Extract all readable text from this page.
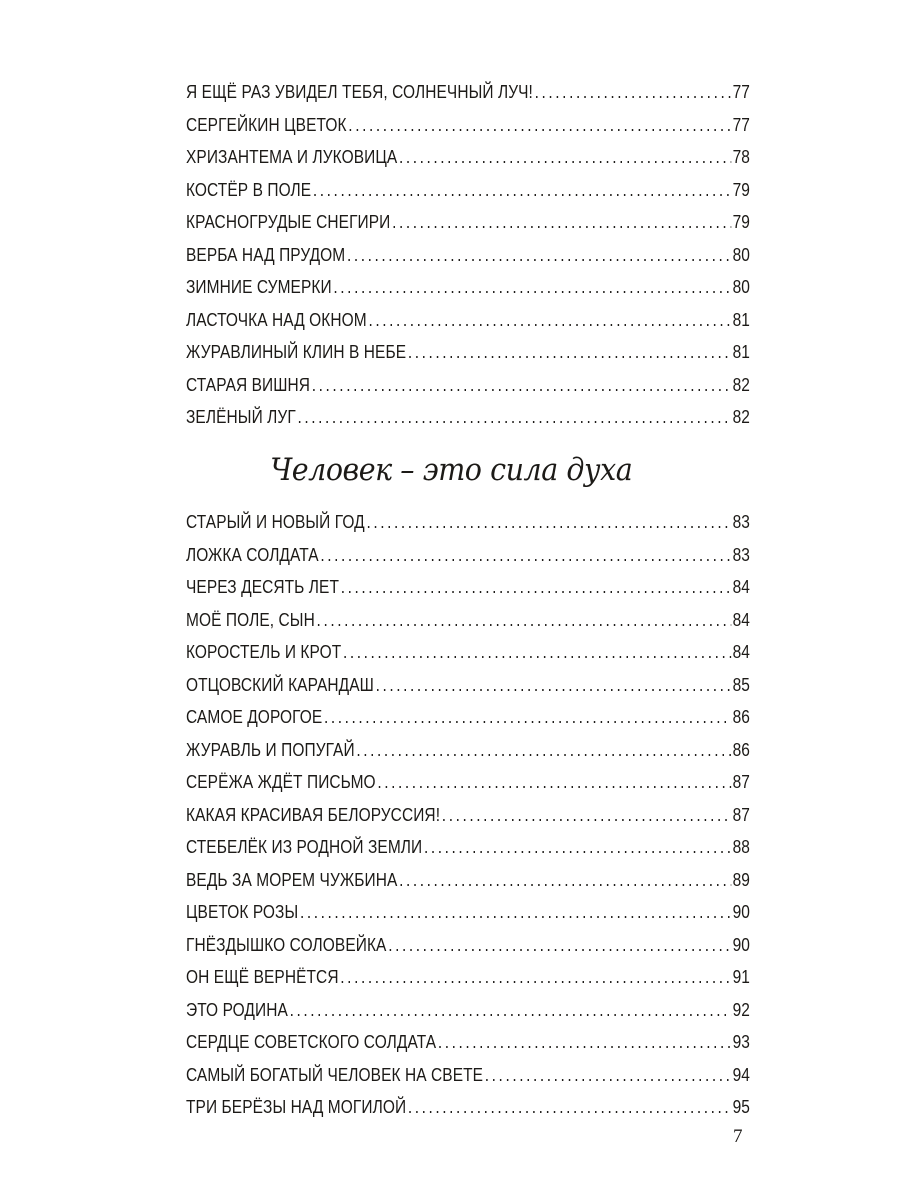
Я ЕЩЁ РАЗ УВИДЕЛ ТЕБЯ, СОЛНЕЧНЫЙ ЛУЧ! .....	77
СЕРГЕЙКИН ЦВЕТОК .....	77
ХРИЗАНТЕМА И ЛУКОВИЦА .....	78
КОСТЁР В ПОЛЕ .....	79
КРАСНОГРУДЫЕ СНЕГИРИ .....	79
ВЕРБА НАД ПРУДОМ .....	80
ЗИМНИЕ СУМЕРКИ .....	80
ЛАСТОЧКА НАД ОКНОМ .....	81
ЖУРАВЛИНЫЙ КЛИН В НЕБЕ .....	81
СТАРАЯ ВИШНЯ .....	82
ЗЕЛЁНЫЙ ЛУГ .....	82
Человек – это сила духа
СТАРЫЙ И НОВЫЙ ГОД .....	83
ЛОЖКА СОЛДАТА .....	83
ЧЕРЕЗ ДЕСЯТЬ ЛЕТ .....	84
МОЁ ПОЛЕ, СЫН .....	84
КОРОСТЕЛЬ И КРОТ .....	84
ОТЦОВСКИЙ КАРАНДАШ .....	85
САМОЕ ДОРОГОЕ .....	86
ЖУРАВЛЬ И ПОПУГАЙ .....	86
СЕРЁЖА ЖДЁТ ПИСЬМО .....	87
КАКАЯ КРАСИВАЯ БЕЛОРУССИЯ! .....	87
СТЕБЕЛЁК ИЗ РОДНОЙ ЗЕМЛИ .....	88
ВЕДЬ ЗА МОРЕМ ЧУЖБИНА .....	89
ЦВЕТОК РОЗЫ .....	90
ГНЁЗДЫШКО СОЛОВЕЙКА .....	90
ОН ЕЩЁ ВЕРНЁТСЯ .....	91
ЭТО РОДИНА .....	92
СЕРДЦЕ СОВЕТСКОГО СОЛДАТА .....	93
САМЫЙ БОГАТЫЙ ЧЕЛОВЕК НА СВЕТЕ .....	94
ТРИ БЕРЁЗЫ НАД МОГИЛОЙ .....	95
7
